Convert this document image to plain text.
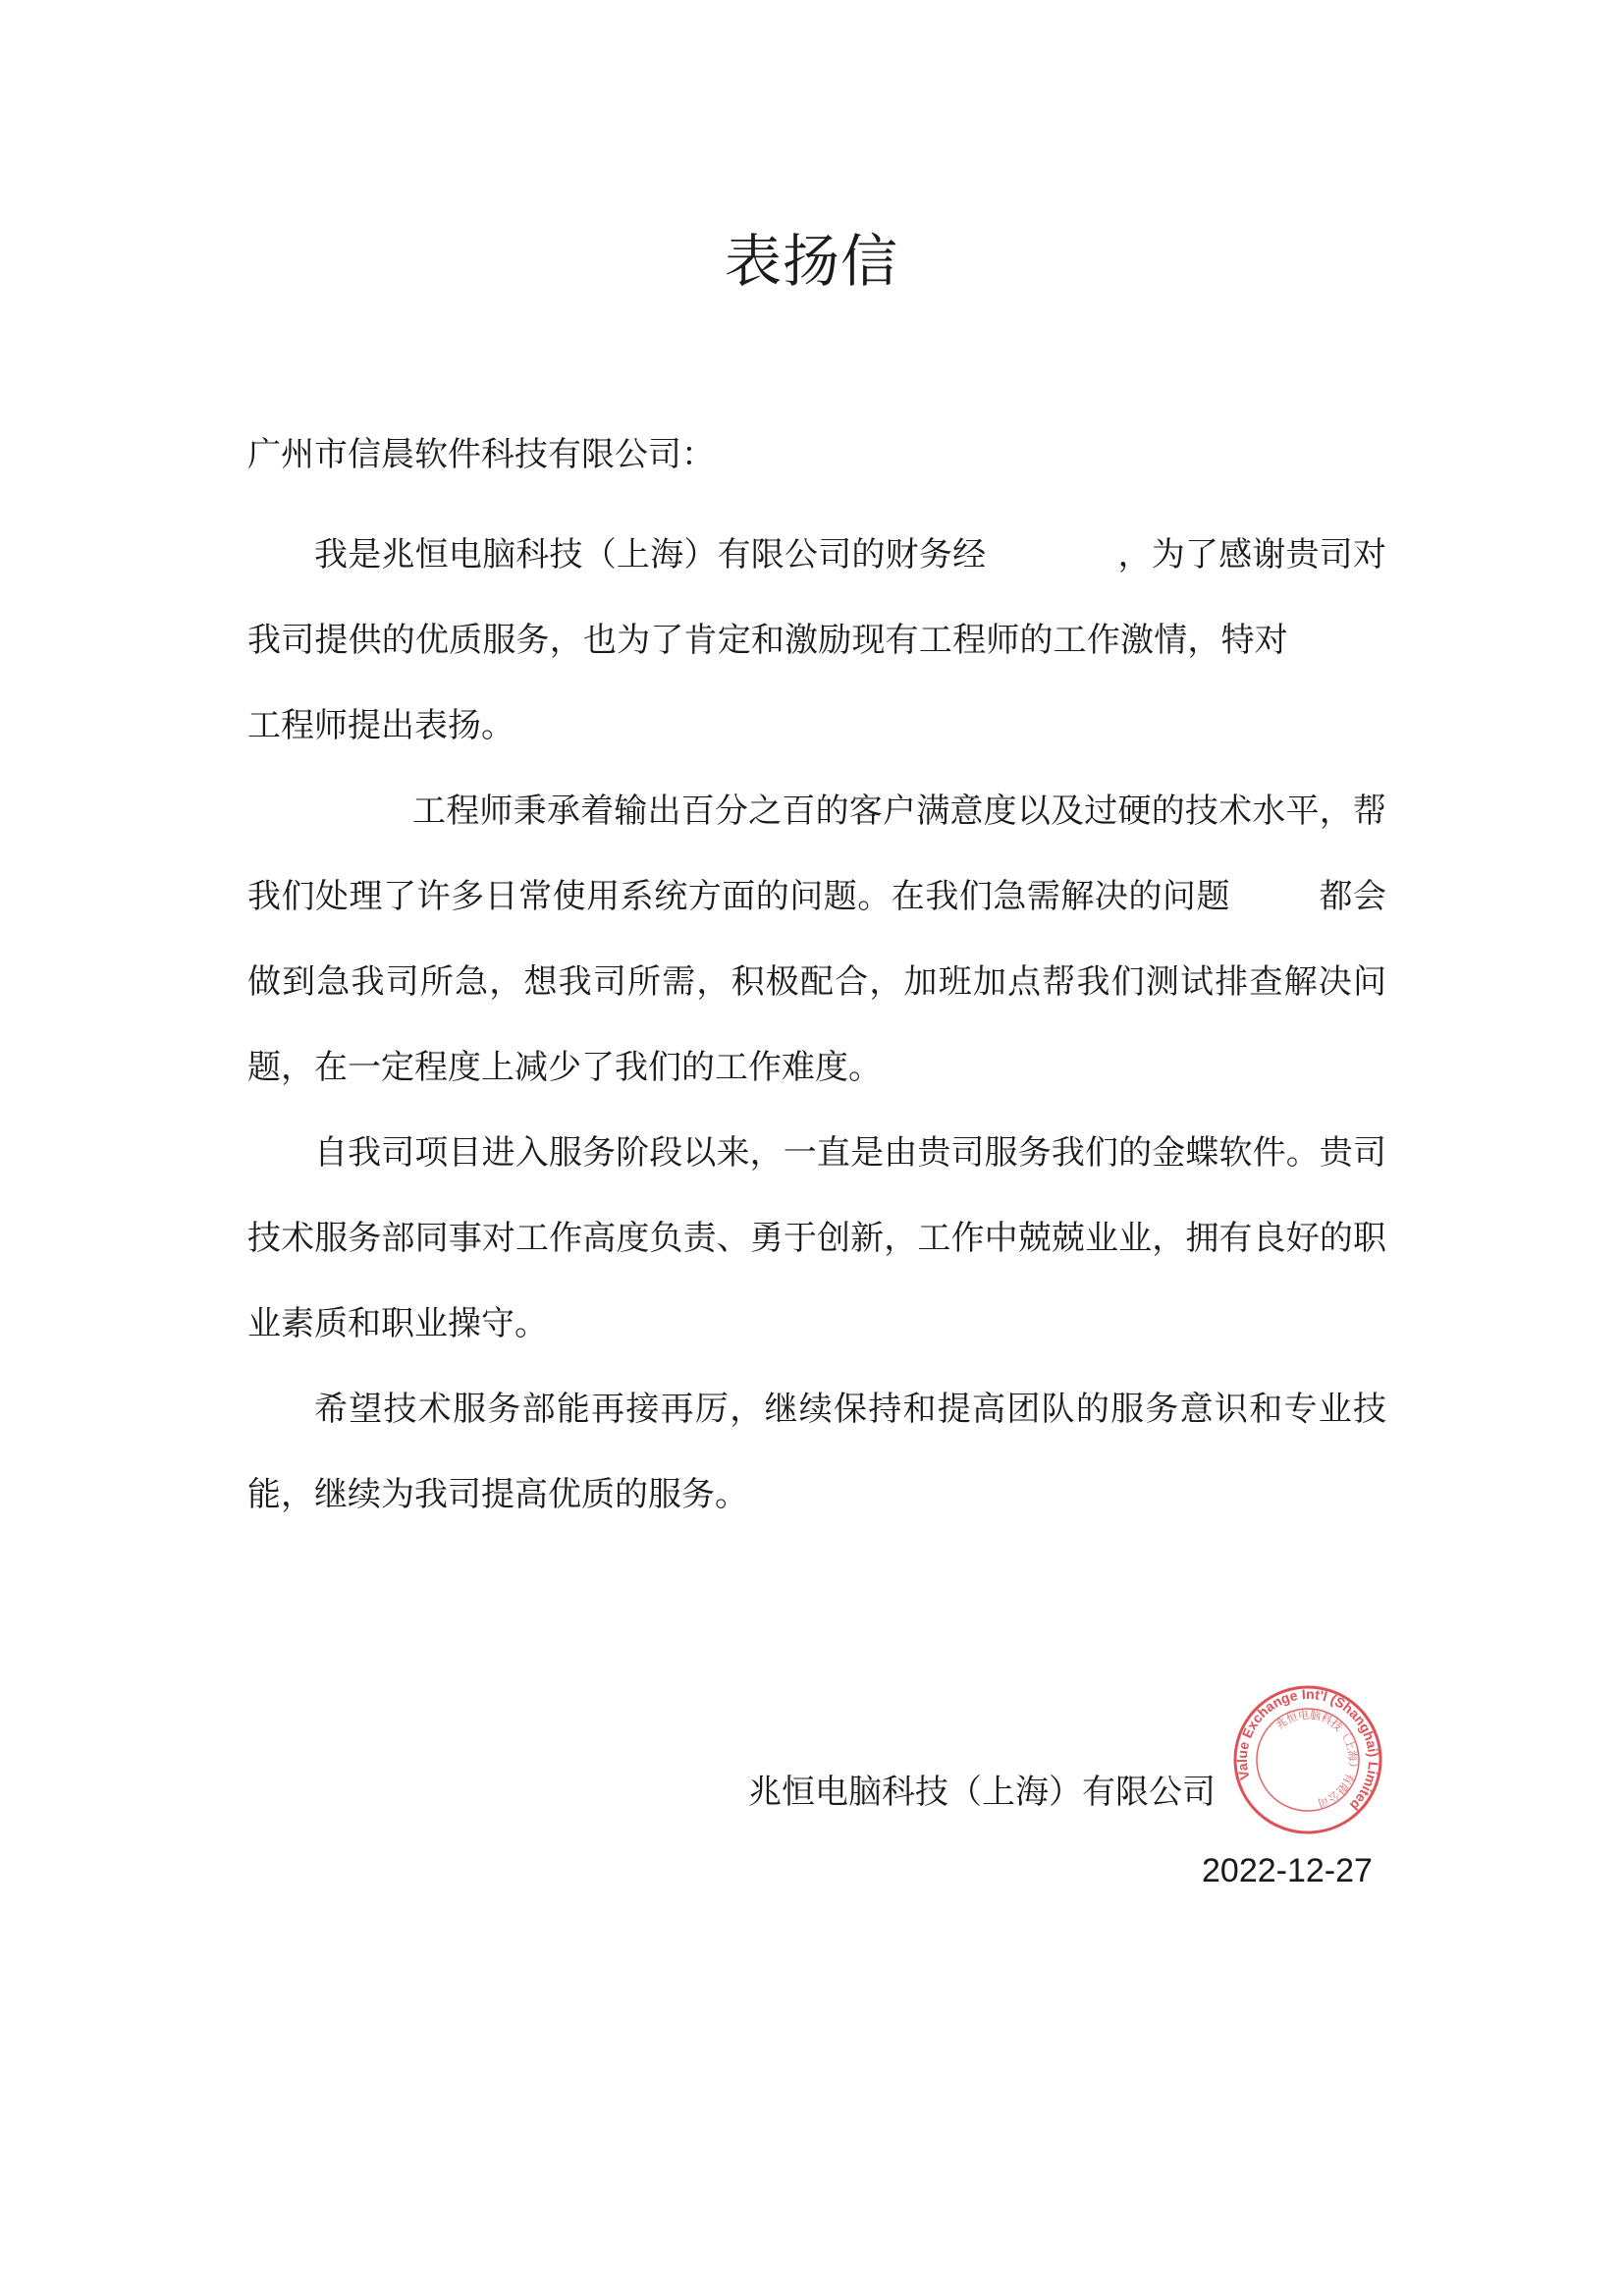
表扬信
广州市信晨软件科技有限公司：

我是兆恒电脑科技（上海）有限公司的财务经	，为了感谢贵司对我司提供的优质服务，也为了肯定和激励现有工程师的工作激情，特对工程师提出表扬。

工程师秉承着输出百分之百的客户满意度以及过硬的技术水平，帮我们处理了许多日常使用系统方面的问题。在我们急需解决的问题	都会做到急我司所急，想我司所需，积极配合，加班加点帮我们测试排查解决问题，在一定程度上减少了我们的工作难度。

自我司项目进入服务阶段以来，一直是由贵司服务我们的金蝶软件。贵司技术服务部同事对工作高度负责、勇于创新，工作中兢兢业业，拥有良好的职业素质和职业操守。

希望技术服务部能再接再厉，继续保持和提高团队的服务意识和专业技能，继续为我司提高优质的服务。

兆恒电脑科技（上海）有限公司	Value Exchange Int'l (Shanghai) Limited
兆恒电脑科技（上海）有限公司
2022-12-27
